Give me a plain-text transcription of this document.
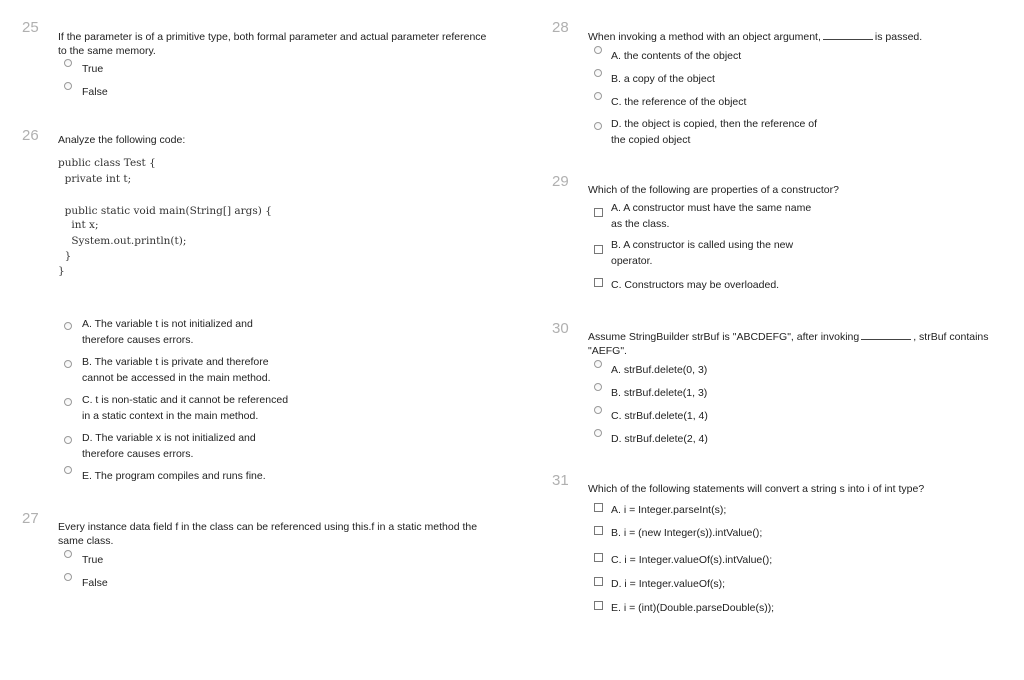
25
If the parameter is of a primitive type, both formal parameter and actual parameter reference
to the same memory.
True
False
26 Analyze the following code:
public class Test {
private int t;
public static void main(String[] args) {
int x;
System.out.println(t);
}
}
A. The variable t is not initialized and
therefore causes errors.
B. The variable t is private and therefore
cannot be accessed in the main method.
C. t is non-static and it cannot be referenced
in a static context in the main method.
D. The variable x is not initialized and
therefore causes errors.
E. The program compiles and runs fine.
27 Every instance data field f in the class can be referenced using this.f in a static method the
same class.
True
False
28
When invoking a method with an object argument,	is passed.
A. the contents of the object
B. a copy of the object
C. the reference of the object
D. the object is copied, then the reference of
the copied object
29 Which of the following are properties of a constructor?
A. A constructor must have the same name
as the class.
B. A constructor is called using the new
operator.
C. Constructors may be overloaded.
30 Assume StringBuilder strBuf is "ABCDEFG", after invoking	, strBuf contains
"AEFG".
A. strBuf.delete(0, 3)
B. strBuf.delete(1, 3)
C. strBuf.delete(1, 4)
D. strBuf.delete(2, 4)
31 Which of the following statements will convert a string s into i of int type?
A. i = Integer.parseInt(s);
B. i = (new Integer(s)).intValue();
C. i = Integer.valueOf(s).intValue();
D. i = Integer.valueOf(s);
E. i = (int)(Double.parseDouble(s));
